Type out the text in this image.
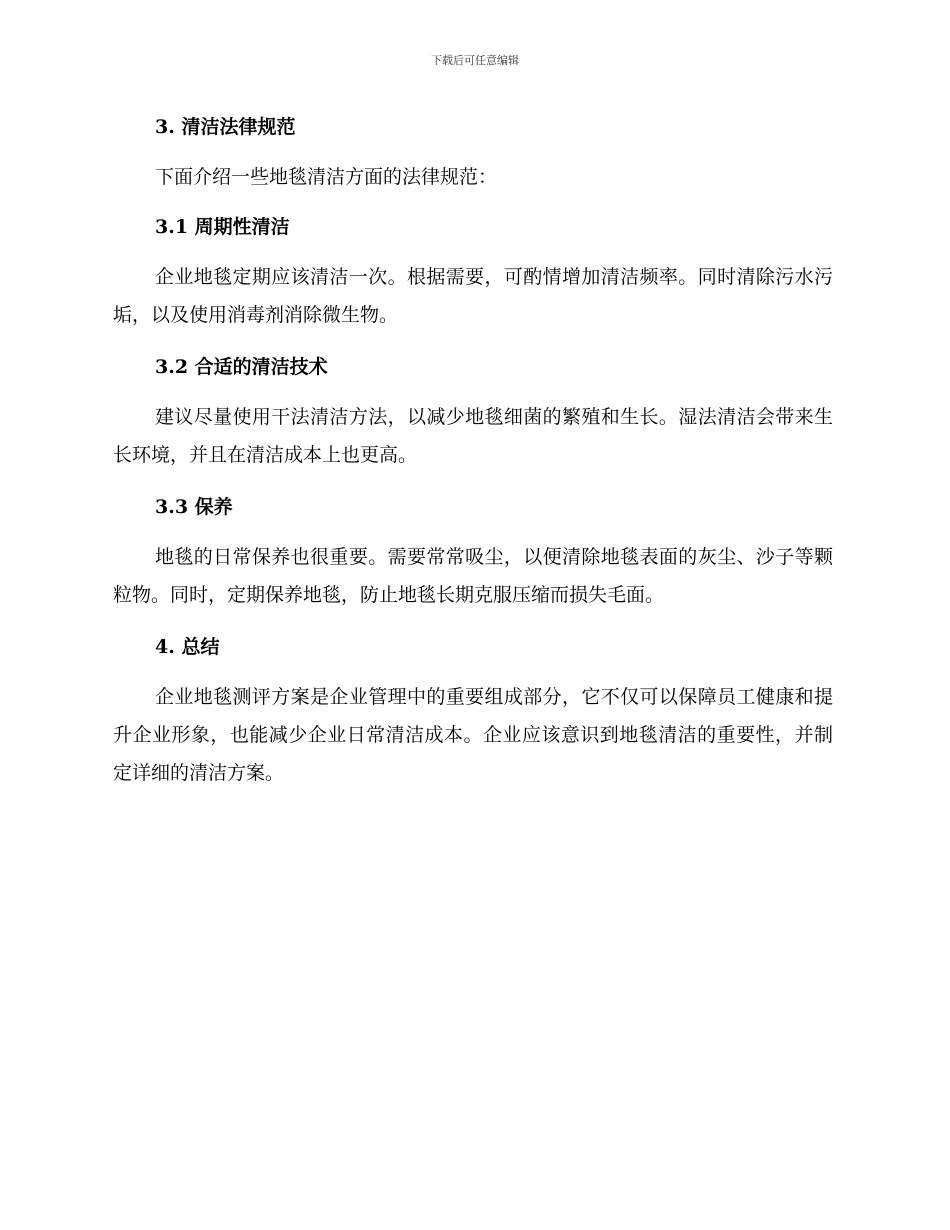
下载后可任意编辑
3. 清洁法律规范

下面介绍一些地毯清洁方面的法律规范：

3.1 周期性清洁

企业地毯定期应该清洁一次。根据需要，可酌情增加清洁频率。同时清除污水污垢，以及使用消毒剂消除微生物。

3.2 合适的清洁技术

建议尽量使用干法清洁方法，以减少地毯细菌的繁殖和生长。湿法清洁会带来生长环境，并且在清洁成本上也更高。

3.3 保养

地毯的日常保养也很重要。需要常常吸尘，以便清除地毯表面的灰尘、沙子等颗粒物。同时，定期保养地毯，防止地毯长期克服压缩而损失毛面。

4. 总结

企业地毯测评方案是企业管理中的重要组成部分，它不仅可以保障员工健康和提升企业形象，也能减少企业日常清洁成本。企业应该意识到地毯清洁的重要性，并制定详细的清洁方案。
